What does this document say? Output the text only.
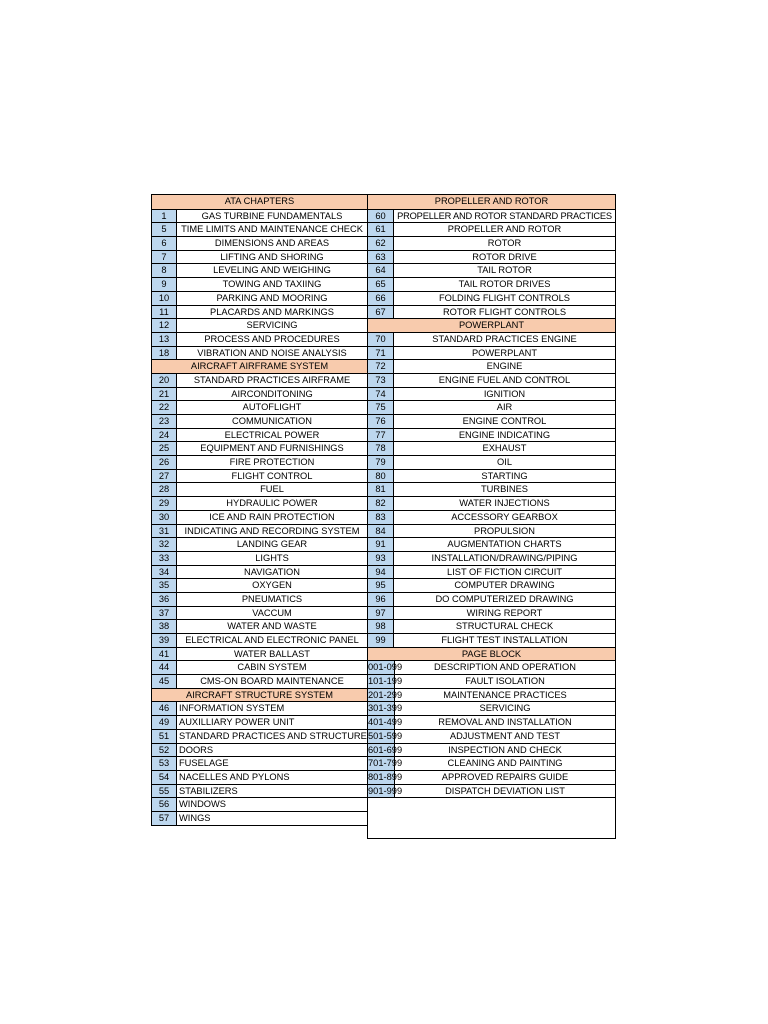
ATA CHAPTERS
1	GAS TURBINE FUNDAMENTALS
5	TIME LIMITS AND MAINTENANCE CHECK
6	DIMENSIONS AND AREAS
7	LIFTING AND SHORING
8	LEVELING AND WEIGHING
9	TOWING AND TAXIING
10	PARKING AND MOORING
11	PLACARDS AND MARKINGS
12	SERVICING
13	PROCESS AND PROCEDURES
18	VIBRATION AND NOISE ANALYSIS
AIRCRAFT AIRFRAME SYSTEM
20	STANDARD PRACTICES AIRFRAME
21	AIRCONDITONING
22	AUTOFLIGHT
23	COMMUNICATION
24	ELECTRICAL POWER
25	EQUIPMENT AND FURNISHINGS
26	FIRE PROTECTION
27	FLIGHT CONTROL
28	FUEL
29	HYDRAULIC POWER
30	ICE AND RAIN PROTECTION
31	INDICATING AND RECORDING SYSTEM
32	LANDING GEAR
33	LIGHTS
34	NAVIGATION
35	OXYGEN
36	PNEUMATICS
37	VACCUM
38	WATER AND WASTE
39	ELECTRICAL AND ELECTRONIC PANEL
41	WATER BALLAST
44	CABIN SYSTEM
45	CMS-ON BOARD MAINTENANCE
AIRCRAFT STRUCTURE SYSTEM
46	INFORMATION SYSTEM
49	AUXILLIARY POWER UNIT
51	STANDARD PRACTICES AND STRUCTURE
52	DOORS
53	FUSELAGE
54	NACELLES AND PYLONS
55	STABILIZERS
56	WINDOWS
57	WINGS
PROPELLER AND ROTOR
60	PROPELLER AND ROTOR STANDARD PRACTICES
61	PROPELLER AND ROTOR
62	ROTOR
63	ROTOR DRIVE
64	TAIL ROTOR
65	TAIL ROTOR DRIVES
66	FOLDING FLIGHT CONTROLS
67	ROTOR FLIGHT CONTROLS
POWERPLANT
70	STANDARD PRACTICES ENGINE
71	POWERPLANT
72	ENGINE
73	ENGINE FUEL AND CONTROL
74	IGNITION
75	AIR
76	ENGINE CONTROL
77	ENGINE INDICATING
78	EXHAUST
79	OIL
80	STARTING
81	TURBINES
82	WATER INJECTIONS
83	ACCESSORY GEARBOX
84	PROPULSION
91	AUGMENTATION CHARTS
93	INSTALLATION/DRAWING/PIPING
94	LIST OF FICTION CIRCUIT
95	COMPUTER DRAWING
96	DO COMPUTERIZED DRAWING
97	WIRING REPORT
98	STRUCTURAL CHECK
99	FLIGHT TEST INSTALLATION
PAGE BLOCK
001-099	DESCRIPTION AND OPERATION
101-199	FAULT ISOLATION
201-299	MAINTENANCE PRACTICES
301-399	SERVICING
401-499	REMOVAL AND INSTALLATION
501-599	ADJUSTMENT AND TEST
601-699	INSPECTION AND CHECK
701-799	CLEANING AND PAINTING
801-899	APPROVED REPAIRS GUIDE
901-999	DISPATCH DEVIATION LIST
